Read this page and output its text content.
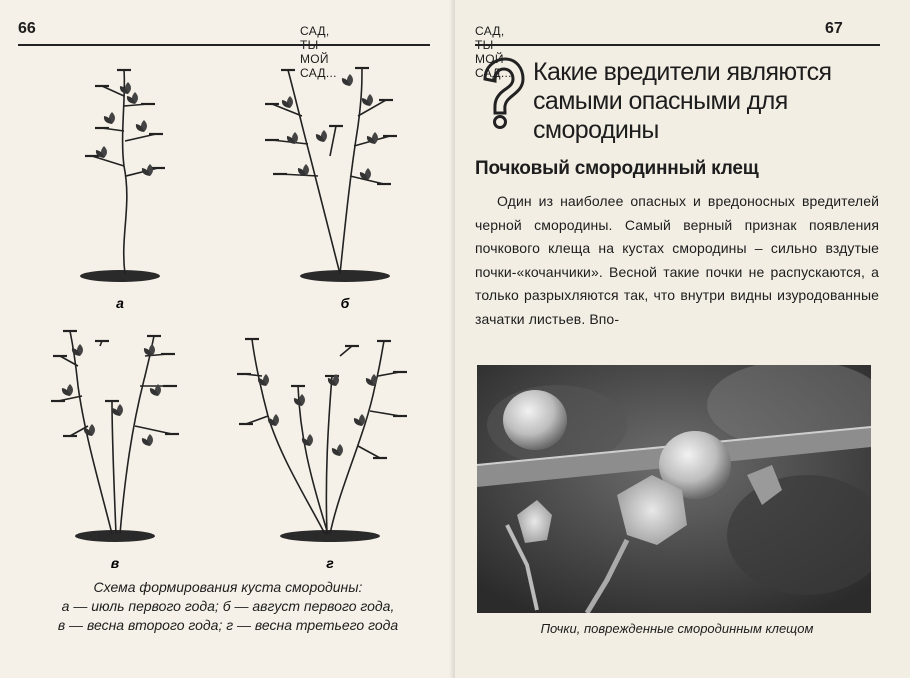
66	САД, МОЙ САД...
а	б
в	г
Схема формирования куста смородины:
а — июль первого года; б — август первого года,
в — весна второго года; г — весна третьего года
САД, МОЙ САД...
67
Какие вредители являются самыми опасными для смородины
Почковый смородинный клещ

Один из наиболее опасных и вредоносных вредителей черной смородины. Самый верный признак появления почкового клеща на кустах смородины – сильно вздутые почки-«кочанчики». Весной такие почки не распускаются, а только разрыхляются так, что внутри видны изуродованные зачатки листьев. Впо-

Почки, поврежденные смородинным клещом
